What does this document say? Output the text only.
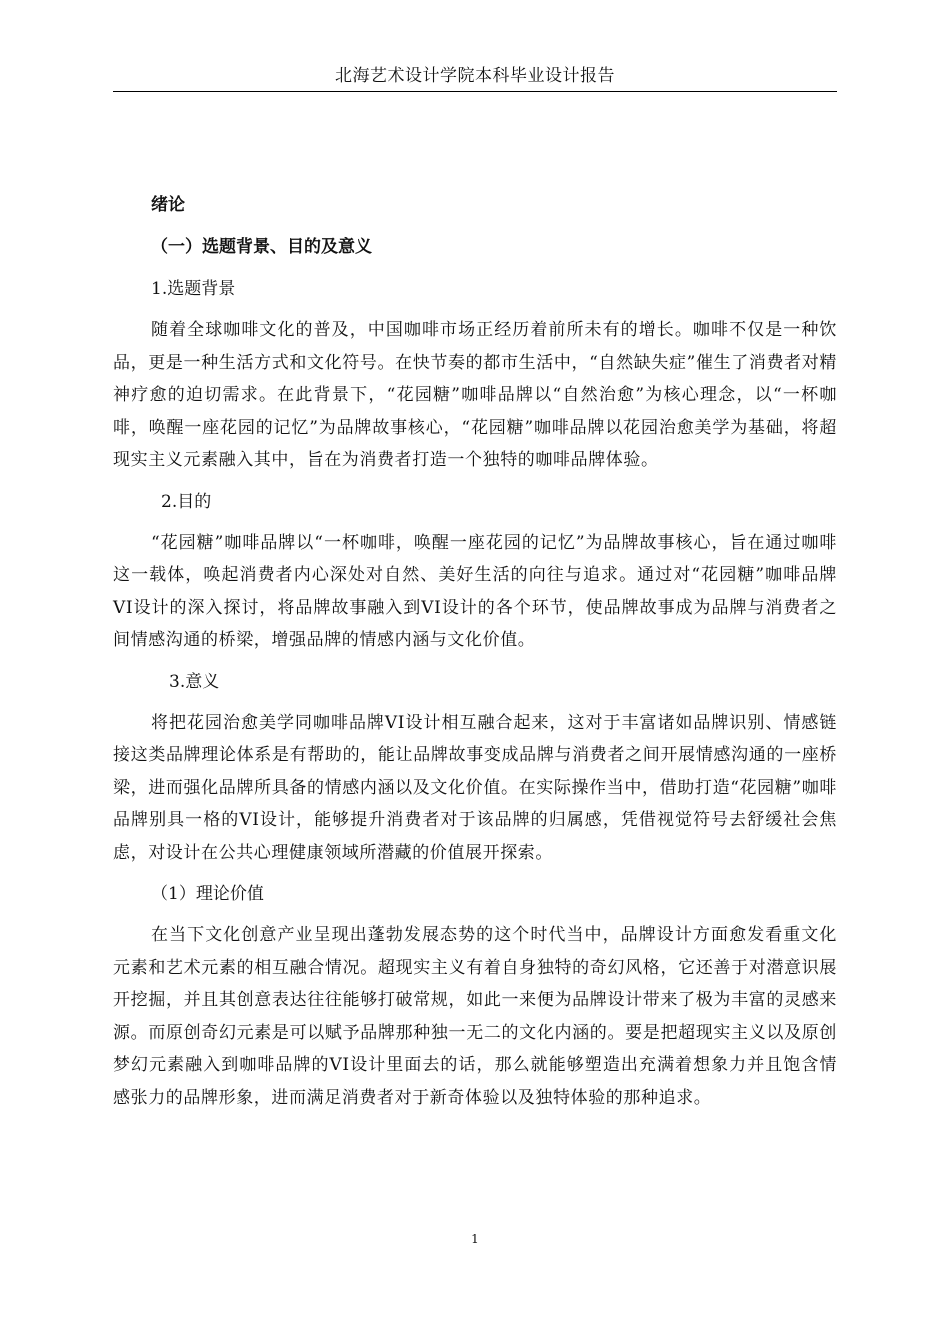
北海艺术设计学院本科毕业设计报告
绪论
（一）选题背景、目的及意义
1.选题背景

随着全球咖啡文化的普及，中国咖啡市场正经历着前所未有的增长。咖啡不仅是一种饮品，更是一种生活方式和文化符号。在快节奏的都市生活中，“自然缺失症”催生了消费者对精神疗愈的迫切需求。在此背景下，“花园糖”咖啡品牌以“自然治愈”为核心理念，以“一杯咖啡，唤醒一座花园的记忆”为品牌故事核心，“花园糖”咖啡品牌以花园治愈美学为基础，将超现实主义元素融入其中，旨在为消费者打造一个独特的咖啡品牌体验。

2.目的

“花园糖”咖啡品牌以“一杯咖啡，唤醒一座花园的记忆”为品牌故事核心，旨在通过咖啡这一载体，唤起消费者内心深处对自然、美好生活的向往与追求。通过对“花园糖”咖啡品牌VI设计的深入探讨，将品牌故事融入到VI设计的各个环节，使品牌故事成为品牌与消费者之间情感沟通的桥梁，增强品牌的情感内涵与文化价值。

3.意义

将把花园治愈美学同咖啡品牌VI设计相互融合起来，这对于丰富诸如品牌识别、情感链接这类品牌理论体系是有帮助的，能让品牌故事变成品牌与消费者之间开展情感沟通的一座桥梁，进而强化品牌所具备的情感内涵以及文化价值。在实际操作当中，借助打造“花园糖”咖啡品牌别具一格的VI设计，能够提升消费者对于该品牌的归属感，凭借视觉符号去舒缓社会焦虑，对设计在公共心理健康领域所潜藏的价值展开探索。

（1）理论价值

在当下文化创意产业呈现出蓬勃发展态势的这个时代当中，品牌设计方面愈发看重文化元素和艺术元素的相互融合情况。超现实主义有着自身独特的奇幻风格，它还善于对潜意识展开挖掘，并且其创意表达往往能够打破常规，如此一来便为品牌设计带来了极为丰富的灵感来源。而原创奇幻元素是可以赋予品牌那种独一无二的文化内涵的。要是把超现实主义以及原创梦幻元素融入到咖啡品牌的VI设计里面去的话，那么就能够塑造出充满着想象力并且饱含情感张力的品牌形象，进而满足消费者对于新奇体验以及独特体验的那种追求。

1
